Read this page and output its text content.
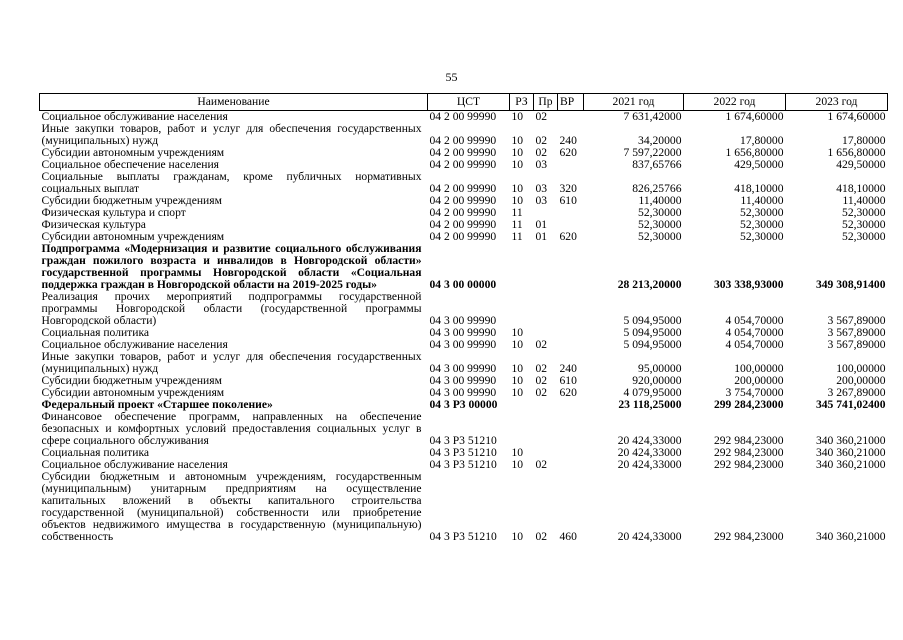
55
Наименование	ЦСТ	РЗ	Пр	ВР	2021 год	2022 год	2023 год
Социальное обслуживание населения	04 2 00 99990	10	02		7 631,42000	1 674,60000	1 674,60000
Иные закупки товаров, работ и услуг для обеспечения государственных (муниципальных) нужд	04 2 00 99990	10	02	240	34,20000	17,80000	17,80000
Субсидии автономным учреждениям	04 2 00 99990	10	02	620	7 597,22000	1 656,80000	1 656,80000
Социальное обеспечение населения	04 2 00 99990	10	03		837,65766	429,50000	429,50000
Социальные выплаты гражданам, кроме публичных нормативных социальных выплат	04 2 00 99990	10	03	320	826,25766	418,10000	418,10000
Субсидии бюджетным учреждениям	04 2 00 99990	10	03	610	11,40000	11,40000	11,40000
Физическая культура и спорт	04 2 00 99990	11			52,30000	52,30000	52,30000
Физическая культура	04 2 00 99990	11	01		52,30000	52,30000	52,30000
Субсидии автономным учреждениям	04 2 00 99990	11	01	620	52,30000	52,30000	52,30000
Подпрограмма «Модернизация и развитие социального обслуживания граждан пожилого возраста и инвалидов в Новгородской области» государственной программы Новгородской области «Социальная поддержка граждан в Новгородской области на 2019-2025 годы»	04 3 00 00000				28 213,20000	303 338,93000	349 308,91400
Реализация прочих мероприятий подпрограммы государственной программы Новгородской области (государственной программы Новгородской области)	04 3 00 99990				5 094,95000	4 054,70000	3 567,89000
Социальная политика	04 3 00 99990	10			5 094,95000	4 054,70000	3 567,89000
Социальное обслуживание населения	04 3 00 99990	10	02		5 094,95000	4 054,70000	3 567,89000
Иные закупки товаров, работ и услуг для обеспечения государственных (муниципальных) нужд	04 3 00 99990	10	02	240	95,00000	100,00000	100,00000
Субсидии бюджетным учреждениям	04 3 00 99990	10	02	610	920,00000	200,00000	200,00000
Субсидии автономным учреждениям	04 3 00 99990	10	02	620	4 079,95000	3 754,70000	3 267,89000
Федеральный проект «Старшее поколение»	04 3 P3 00000				23 118,25000	299 284,23000	345 741,02400
Финансовое обеспечение программ, направленных на обеспечение безопасных и комфортных условий предоставления социальных услуг в сфере социального обслуживания	04 3 P3 51210				20 424,33000	292 984,23000	340 360,21000
Социальная политика	04 3 P3 51210	10			20 424,33000	292 984,23000	340 360,21000
Социальное обслуживание населения	04 3 P3 51210	10	02		20 424,33000	292 984,23000	340 360,21000
Субсидии бюджетным и автономным учреждениям, государственным (муниципальным) унитарным предприятиям на осуществление капитальных вложений в объекты капитального строительства государственной (муниципальной) собственности или приобретение объектов недвижимого имущества в государственную (муниципальную) собственность	04 3 P3 51210	10	02	460	20 424,33000	292 984,23000	340 360,21000
